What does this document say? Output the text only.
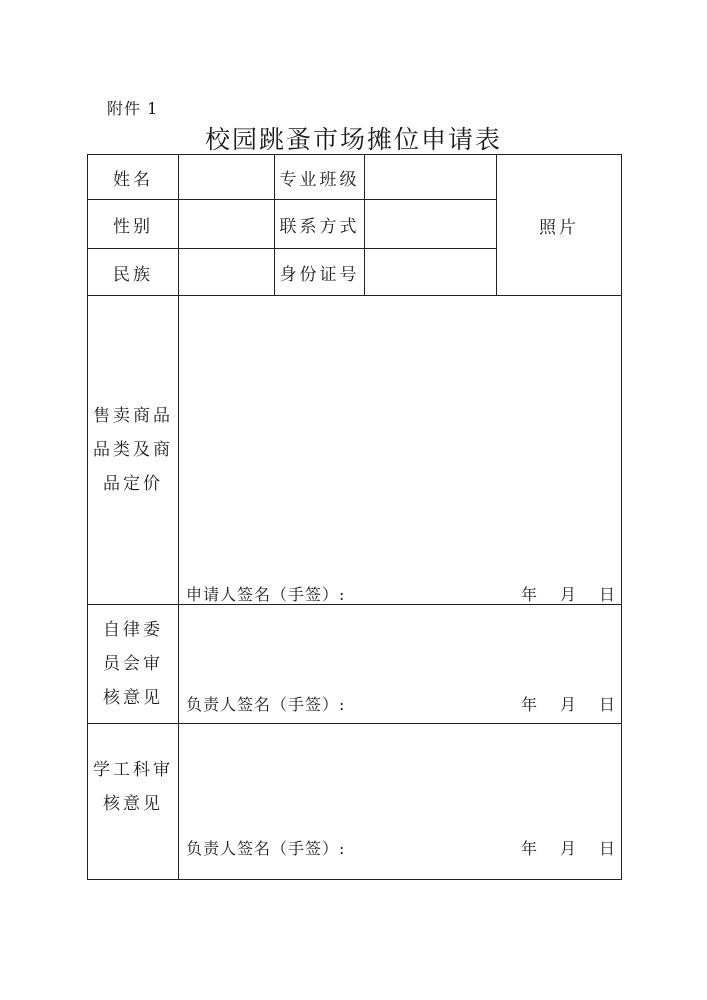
附件 1
校园跳蚤市场摊位申请表
姓名	专业班级
性别	联系方式
民族	身份证号
照片
售卖商品
品类及商
品定价
申请人签名（手签）:	年 月 日
自律委
员会审
核意见	负责人签名（手签）:	年 月 日
学工科审
核意见
负责人签名（手签）:	年 月 日
